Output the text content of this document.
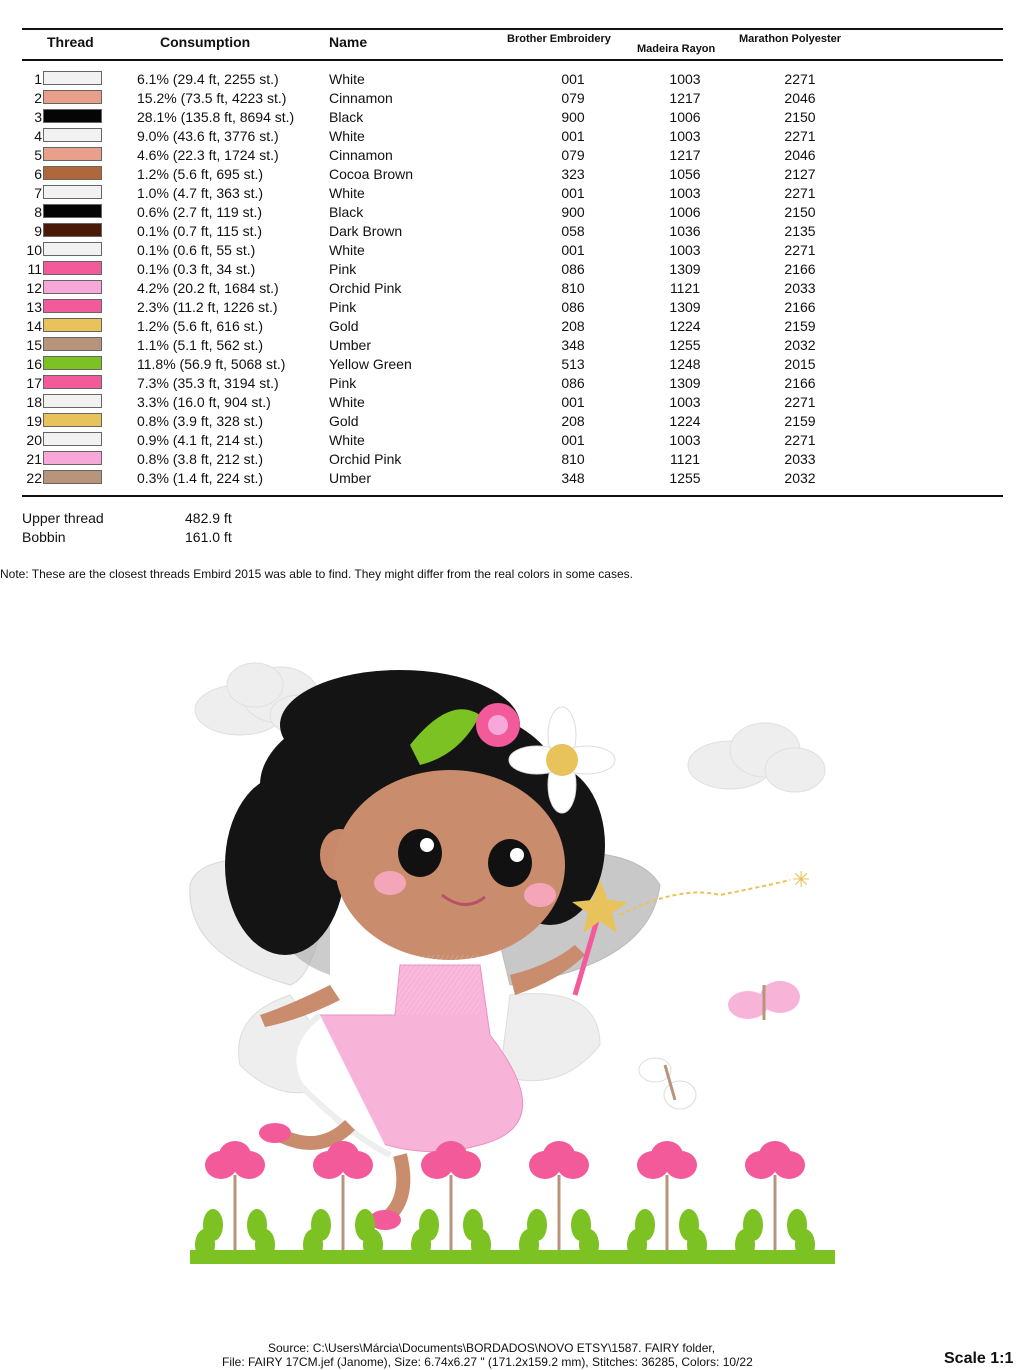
Thread	Consumption	Name	Brother Embroidery
Madeira Rayon
Marathon Polyester
1	6.1% (29.4 ft, 2255 st.)	White	001	1003	2271
2	15.2% (73.5 ft, 4223 st.)	Cinnamon	079	1217	2046
3	28.1% (135.8 ft, 8694 st.) Black	900	1006	2150
4	9.0% (43.6 ft, 3776 st.)	White	001	1003	2271
5	4.6% (22.3 ft, 1724 st.)	Cinnamon	079	1217	2046
6	1.2% (5.6 ft, 695 st.)	Cocoa Brown	323	1056	2127
7	1.0% (4.7 ft, 363 st.)	White	001	1003	2271
8	0.6% (2.7 ft, 119 st.)	Black	900	1006	2150
9	0.1% (0.7 ft, 115 st.)	Dark Brown	058	1036	2135
10	0.1% (0.6 ft, 55 st.)	White	001	1003	2271
11	0.1% (0.3 ft, 34 st.)	Pink	086	1309	2166
12	4.2% (20.2 ft, 1684 st.)	Orchid Pink	810	1121	2033
13	2.3% (11.2 ft, 1226 st.)	Pink	086	1309	2166
14	1.2% (5.6 ft, 616 st.)	Gold	208	1224	2159
15	1.1% (5.1 ft, 562 st.)	Umber	348	1255	2032
16	11.8% (56.9 ft, 5068 st.)	Yellow Green	513	1248	2015
17	7.3% (35.3 ft, 3194 st.)	Pink	086	1309	2166
18	3.3% (16.0 ft, 904 st.)	White	001	1003	2271
19	0.8% (3.9 ft, 328 st.)	Gold	208	1224	2159
20	0.9% (4.1 ft, 214 st.)	White	001	1003	2271
21	0.8% (3.8 ft, 212 st.)	Orchid Pink	810	1121	2033
22	0.3% (1.4 ft, 224 st.)	Umber	348	1255	2032
Upper thread	482.9 ft
Bobbin	161.0 ft
Note: These are the closest threads Embird 2015 was able to find. They might differ from the real colors in some cases.
✳
Source: C:\Users\Márcia\Documents\BORDADOS\NOVO ETSY\1587. FAIRY folder,
File: FAIRY 17CM.jef (Janome), Size: 6.74x6.27 " (171.2x159.2 mm), Stitches: 36285, Colors: 10/22	Scale 1:1
